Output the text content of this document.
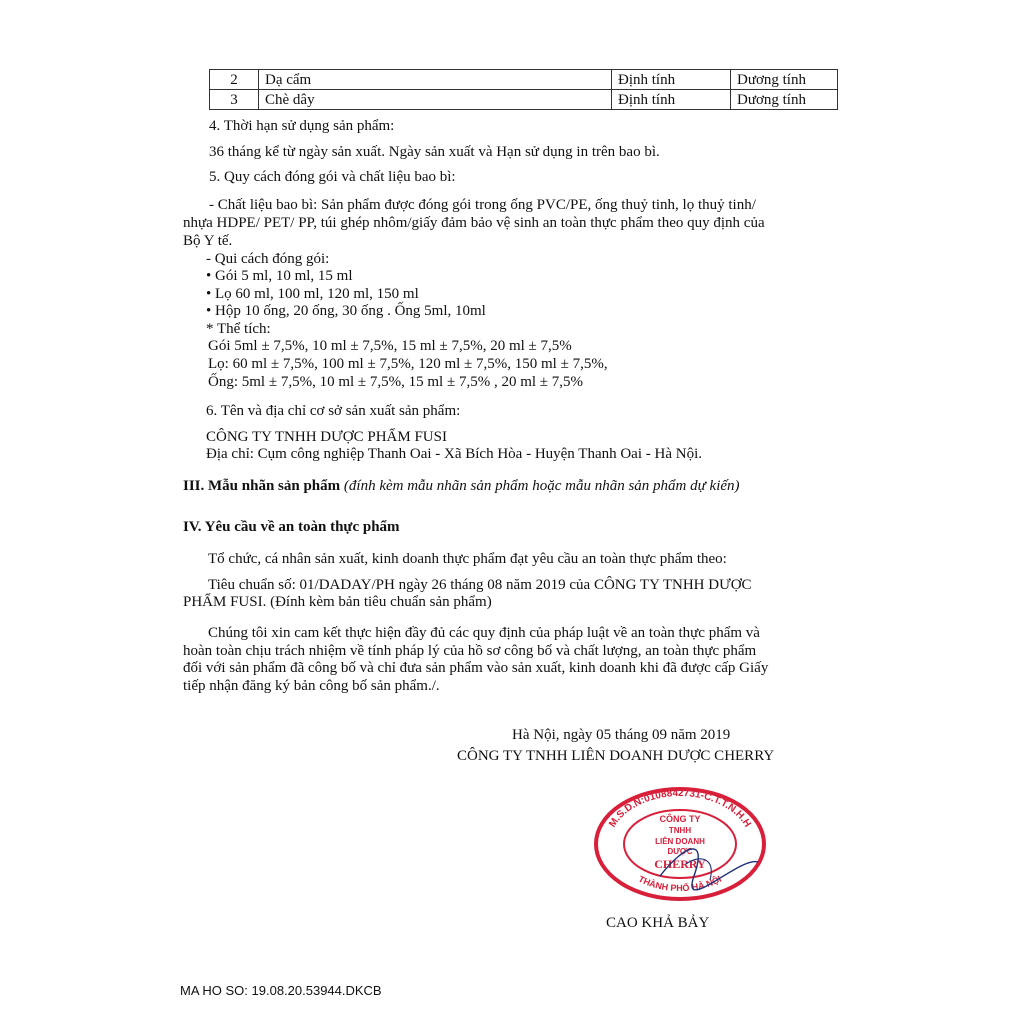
2	Dạ cẩm	Định tính	Dương tính
3	Chè dây	Định tính	Dương tính
4. Thời hạn sử dụng sản phẩm:
36 tháng kể từ ngày sản xuất. Ngày sản xuất và Hạn sử dụng in trên bao bì.
5. Quy cách đóng gói và chất liệu bao bì:
- Chất liệu bao bì: Sản phẩm được đóng gói trong ống PVC/PE, ống thuỷ tinh, lọ thuỷ tinh/
nhựa HDPE/ PET/ PP, túi ghép nhôm/giấy đảm bảo vệ sinh an toàn thực phẩm theo quy định của
Bộ Y tế.
- Qui cách đóng gói:
• Gói 5 ml, 10 ml, 15 ml
• Lọ 60 ml, 100 ml, 120 ml, 150 ml
• Hộp 10 ống, 20 ống, 30 ống . Ống 5ml, 10ml
* Thể tích:
Gói 5ml ± 7,5%, 10 ml ± 7,5%, 15 ml ± 7,5%, 20 ml ± 7,5%
Lọ: 60 ml ± 7,5%, 100 ml ± 7,5%, 120 ml ± 7,5%, 150 ml ± 7,5%,
Ống: 5ml ± 7,5%, 10 ml ± 7,5%, 15 ml ± 7,5% , 20 ml ± 7,5%
6. Tên và địa chỉ cơ sở sản xuất sản phẩm:
CÔNG TY TNHH DƯỢC PHẨM FUSI
Địa chỉ: Cụm công nghiệp Thanh Oai - Xã Bích Hòa - Huyện Thanh Oai - Hà Nội.
III. Mẫu nhãn sản phẩm (đính kèm mẫu nhãn sản phẩm hoặc mẫu nhãn sản phẩm dự kiến)
IV. Yêu cầu về an toàn thực phẩm
Tổ chức, cá nhân sản xuất, kinh doanh thực phẩm đạt yêu cầu an toàn thực phẩm theo:
Tiêu chuẩn số: 01/DADAY/PH ngày 26 tháng 08 năm 2019 của CÔNG TY TNHH DƯỢC
PHẨM FUSI. (Đính kèm bản tiêu chuẩn sản phẩm)
Chúng tôi xin cam kết thực hiện đầy đủ các quy định của pháp luật về an toàn thực phẩm và
hoàn toàn chịu trách nhiệm về tính pháp lý của hồ sơ công bố và chất lượng, an toàn thực phẩm
đối với sản phẩm đã công bố và chỉ đưa sản phẩm vào sản xuất, kinh doanh khi đã được cấp Giấy
tiếp nhận đăng ký bản công bố sản phẩm./.
Hà Nội, ngày 05 tháng 09 năm 2019
CÔNG TY TNHH LIÊN DOANH DƯỢC CHERRY
M.S.D.N:0108842731-C.T.T.N.H.H
THÀNH PHỐ HÀ NỘI
CÔNG TY
TNHH
LIÊN DOANH
DƯỢC
CHERRY
CAO KHẢ BẢY
MA HO SO: 19.08.20.53944.DKCB
